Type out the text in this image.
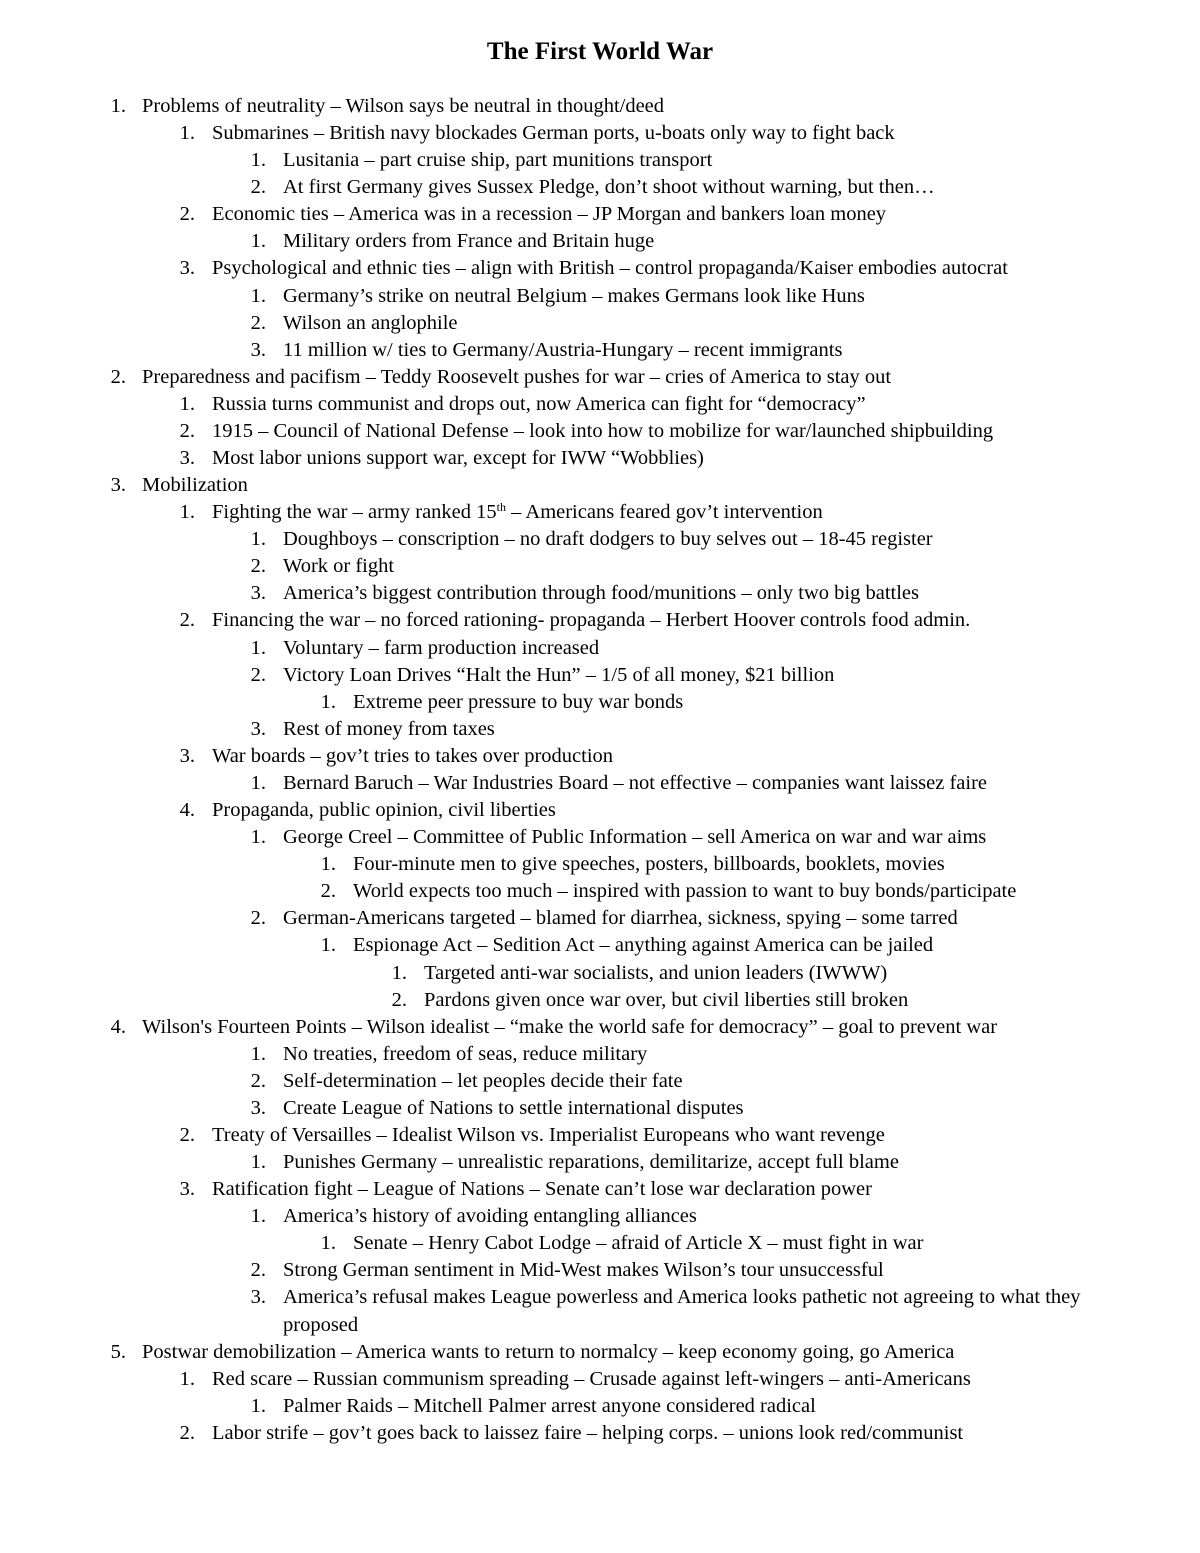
The First World War
1. Problems of neutrality – Wilson says be neutral in thought/deed
1. Submarines – British navy blockades German ports, u-boats only way to fight back
1. Lusitania – part cruise ship, part munitions transport
2. At first Germany gives Sussex Pledge, don’t shoot without warning, but then…
2. Economic ties – America was in a recession – JP Morgan and bankers loan money
1. Military orders from France and Britain huge
3. Psychological and ethnic ties – align with British – control propaganda/Kaiser embodies autocrat
1. Germany’s strike on neutral Belgium – makes Germans look like Huns
2. Wilson an anglophile
3. 11 million w/ ties to Germany/Austria-Hungary – recent immigrants
2. Preparedness and pacifism – Teddy Roosevelt pushes for war – cries of America to stay out
1. Russia turns communist and drops out, now America can fight for “democracy”
2. 1915 – Council of National Defense – look into how to mobilize for war/launched shipbuilding
3. Most labor unions support war, except for IWW “Wobblies)
3. Mobilization
1. Fighting the war – army ranked 15th – Americans feared gov’t intervention
1. Doughboys – conscription – no draft dodgers to buy selves out – 18-45 register
2. Work or fight
3. America’s biggest contribution through food/munitions – only two big battles
2. Financing the war – no forced rationing- propaganda – Herbert Hoover controls food admin.
1. Voluntary – farm production increased
2. Victory Loan Drives “Halt the Hun” – 1/5 of all money, $21 billion
1. Extreme peer pressure to buy war bonds
3. Rest of money from taxes
3. War boards – gov’t tries to takes over production
1. Bernard Baruch – War Industries Board – not effective – companies want laissez faire
4. Propaganda, public opinion, civil liberties
1. George Creel – Committee of Public Information – sell America on war and war aims
1. Four-minute men to give speeches, posters, billboards, booklets, movies
2. World expects too much – inspired with passion to want to buy bonds/participate
2. German-Americans targeted – blamed for diarrhea, sickness, spying – some tarred
1. Espionage Act – Sedition Act – anything against America can be jailed
1. Targeted anti-war socialists, and union leaders (IWWW)
2. Pardons given once war over, but civil liberties still broken
4. Wilson's Fourteen Points – Wilson idealist – “make the world safe for democracy” – goal to prevent war
1. No treaties, freedom of seas, reduce military
2. Self-determination – let peoples decide their fate
3. Create League of Nations to settle international disputes
2. Treaty of Versailles – Idealist Wilson vs. Imperialist Europeans who want revenge
1. Punishes Germany – unrealistic reparations, demilitarize, accept full blame
3. Ratification fight – League of Nations – Senate can’t lose war declaration power
1. America’s history of avoiding entangling alliances
1. Senate – Henry Cabot Lodge – afraid of Article X – must fight in war
2. Strong German sentiment in Mid-West makes Wilson’s tour unsuccessful
3. America’s refusal makes League powerless and America looks pathetic not agreeing to what they proposed
5. Postwar demobilization – America wants to return to normalcy – keep economy going, go America
1. Red scare – Russian communism spreading – Crusade against left-wingers – anti-Americans
1. Palmer Raids – Mitchell Palmer arrest anyone considered radical
2. Labor strife – gov’t goes back to laissez faire – helping corps. – unions look red/communist
